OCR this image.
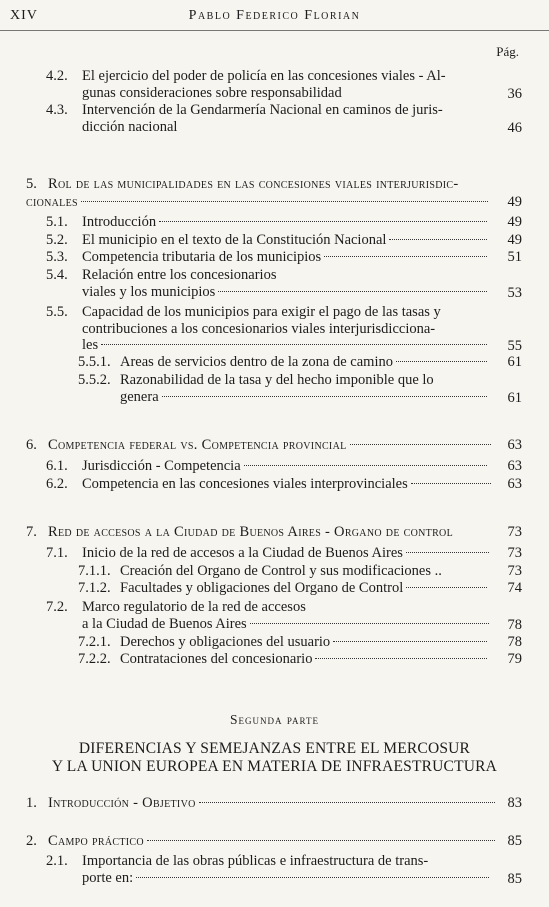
XIV	Pablo Federico Florian
Pág.
4.2. El ejercicio del poder de policía en las concesiones viales - Al-
gunas consideraciones sobre responsabilidad	36
4.3. Intervención de la Gendarmería Nacional en caminos de juris-
dicción nacional	46
5. Rol de las municipalidades en las concesiones viales interjurisdic-
cionales	49
5.1. Introducción	49
5.2. El municipio en el texto de la Constitución Nacional	49
5.3. Competencia tributaria de los municipios	51
5.4. Relación entre los concesionarios
viales y los municipios	53
5.5. Capacidad de los municipios para exigir el pago de las tasas y
contribuciones a los concesionarios viales interjurisdicciona-
les	55
5.5.1. Areas de servicios dentro de la zona de camino	61
5.5.2. Razonabilidad de la tasa y del hecho imponible que lo
genera	61
6. Competencia federal vs. Competencia provincial	63
6.1. Jurisdicción - Competencia	63
6.2. Competencia en las concesiones viales interprovinciales	63
7. Red de accesos a la Ciudad de Buenos Aires - Organo de control	73
7.1. Inicio de la red de accesos a la Ciudad de Buenos Aires	73
7.1.1. Creación del Organo de Control y sus modificaciones ..	73
7.1.2. Facultades y obligaciones del Organo de Control	74
7.2. Marco regulatorio de la red de accesos
a la Ciudad de Buenos Aires	78
7.2.1. Derechos y obligaciones del usuario	78
7.2.2. Contrataciones del concesionario	79
Segunda parte
DIFERENCIAS Y SEMEJANZAS ENTRE EL MERCOSUR
Y LA UNION EUROPEA EN MATERIA DE INFRAESTRUCTURA
1. Introducción - Objetivo	83
2. Campo práctico	85
2.1. Importancia de las obras públicas e infraestructura de trans-
porte en:	85
